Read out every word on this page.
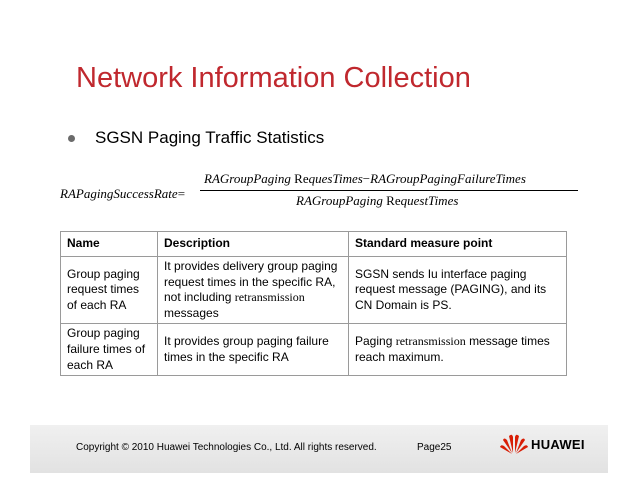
Network Information Collection
SGSN Paging Traffic Statistics
RAPagingSuccessRate=
RAGroupPaging RequesTimes−RAGroupPagingFailureTimes
RAGroupPaging RequestTimes
Name	Description	Standard measure point
Group paging request times of each RA	It provides delivery group paging request times in the specific RA, not including retransmission messages	SGSN sends Iu interface paging request message (PAGING), and its CN Domain is PS.
Group paging failure times of each RA	It provides group paging failure times in the specific RA	Paging retransmission message times reach maximum.
Copyright © 2010 Huawei Technologies Co., Ltd. All rights reserved.	Page25	HUAWEI
